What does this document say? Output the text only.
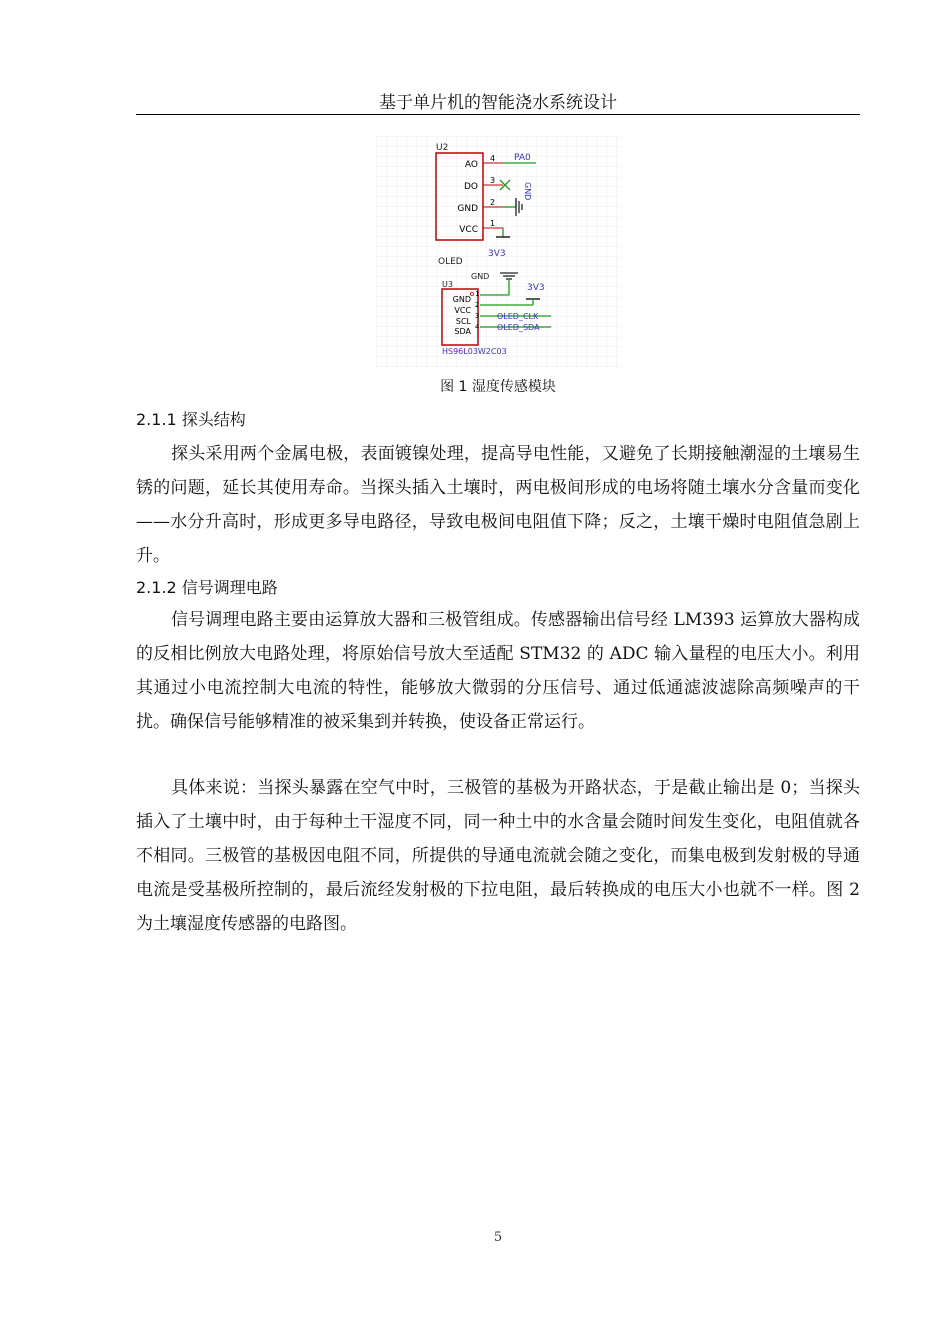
基于单片机的智能浇水系统设计
U2
AO
DO
GND
VCC
4
3
2
1
PA0
GND
3V3
OLED
GND
3V3
U3
GND
VCC
SCL
SDA
1
2
3
4
OLED_CLK
OLED_SDA
HS96L03W2C03
图 1 湿度传感模块
2.1.1 探头结构

探头采用两个金属电极，表面镀镍处理，提高导电性能，又避免了长期接触潮湿的土壤易生锈的问题，延长其使用寿命。当探头插入土壤时，两电极间形成的电场将随土壤水分含量而变化——水分升高时，形成更多导电路径，导致电极间电阻值下降；反之，土壤干燥时电阻值急剧上升。

2.1.2 信号调理电路

信号调理电路主要由运算放大器和三极管组成。传感器输出信号经 LM393 运算放大器构成的反相比例放大电路处理，将原始信号放大至适配 STM32 的 ADC 输入量程的电压大小。利用其通过小电流控制大电流的特性，能够放大微弱的分压信号、通过低通滤波滤除高频噪声的干扰。确保信号能够精准的被采集到并转换，使设备正常运行。

具体来说：当探头暴露在空气中时，三极管的基极为开路状态，于是截止输出是 0；当探头插入了土壤中时，由于每种土干湿度不同，同一种土中的水含量会随时间发生变化，电阻值就各不相同。三极管的基极因电阻不同，所提供的导通电流就会随之变化，而集电极到发射极的导通电流是受基极所控制的，最后流经发射极的下拉电阻，最后转换成的电压大小也就不一样。图 2 为土壤湿度传感器的电路图。

5
